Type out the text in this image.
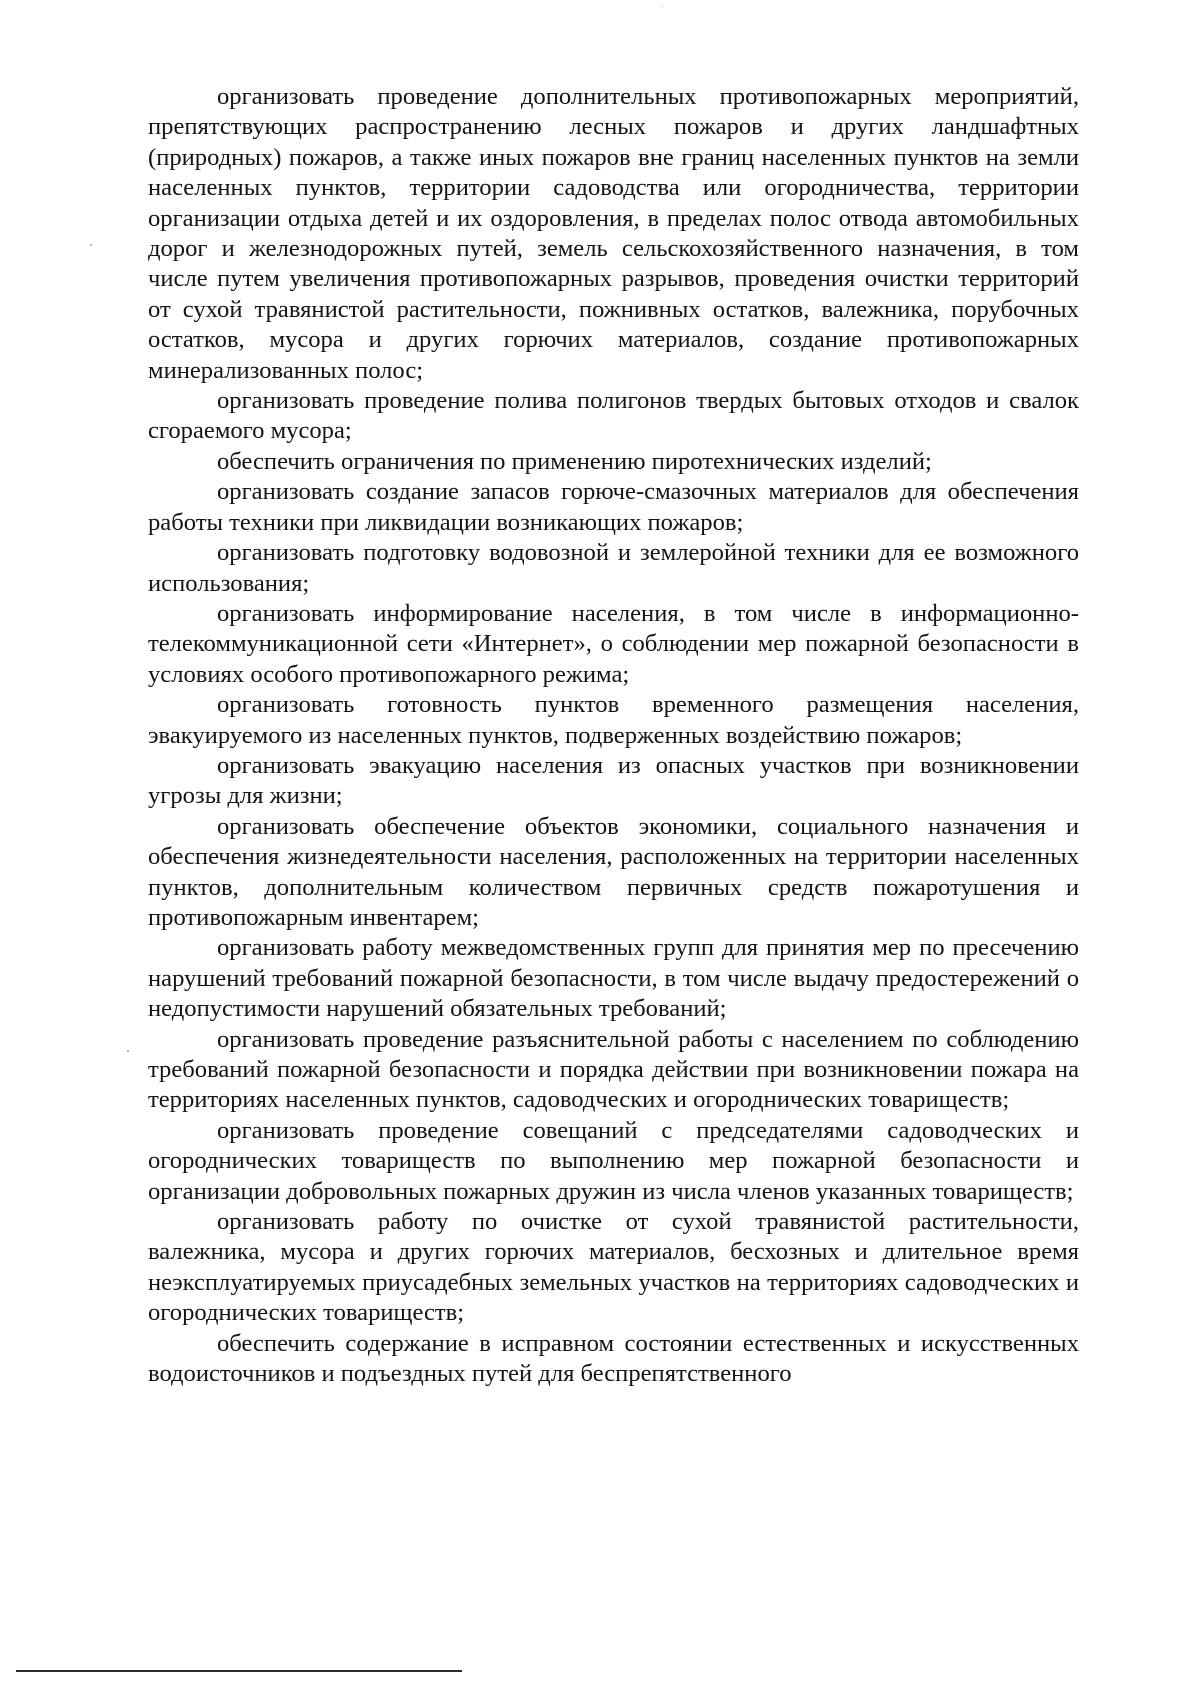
организовать проведение дополнительных противопожарных мероприятий, препятствующих распространению лесных пожаров и других ландшафтных (природных) пожаров, а также иных пожаров вне границ населенных пунктов на земли населенных пунктов, территории садоводства или огородничества, территории организации отдыха детей и их оздоровления, в пределах полос отвода автомобильных дорог и железнодорожных путей, земель сельскохозяйственного назначения, в том числе путем увеличения противопожарных разрывов, проведения очистки территорий от сухой травянистой растительности, пожнивных остатков, валежника, порубочных остатков, мусора и других горючих материалов, создание противопожарных минерализованных полос;

организовать проведение полива полигонов твердых бытовых отходов и свалок сгораемого мусора;

обеспечить ограничения по применению пиротехнических изделий;

организовать создание запасов горюче-смазочных материалов для обеспечения работы техники при ликвидации возникающих пожаров;

организовать подготовку водовозной и землеройной техники для ее возможного использования;

организовать информирование населения, в том числе в информационно-телекоммуникационной сети «Интернет», о соблюдении мер пожарной безопасности в условиях особого противопожарного режима;

организовать готовность пунктов временного размещения населения, эвакуируемого из населенных пунктов, подверженных воздействию пожаров;

организовать эвакуацию населения из опасных участков при возникновении угрозы для жизни;

организовать обеспечение объектов экономики, социального назначения и обеспечения жизнедеятельности населения, расположенных на территории населенных пунктов, дополнительным количеством первичных средств пожаротушения и противопожарным инвентарем;

организовать работу межведомственных групп для принятия мер по пресечению нарушений требований пожарной безопасности, в том числе выдачу предостережений о недопустимости нарушений обязательных требований;

организовать проведение разъяснительной работы с населением по соблюдению требований пожарной безопасности и порядка действии при возникновении пожара на территориях населенных пунктов, садоводческих и огороднических товариществ;

организовать проведение совещаний с председателями садоводческих и огороднических товариществ по выполнению мер пожарной безопасности и организации добровольных пожарных дружин из числа членов указанных товариществ;

организовать работу по очистке от сухой травянистой растительности, валежника, мусора и других горючих материалов, бесхозных и длительное время неэксплуатируемых приусадебных земельных участков на территориях садоводческих и огороднических товариществ;

обеспечить содержание в исправном состоянии естественных и искусственных водоисточников и подъездных путей для беспрепятственного
